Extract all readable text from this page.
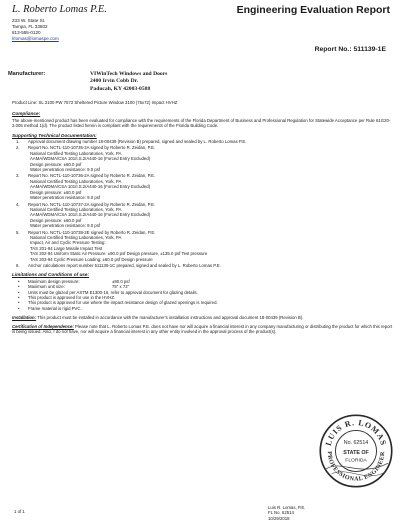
L. Roberto Lomas P.E.	Engineering Evaluation Report
233 W. State St.
Tampa, FL 33602
813-555-0120
lrlomas@lomaspe.com
Report No.: 511139-1E
Manufacturer:	VIWinTech Windows and Doors
2400 Irvin Cobb Dr.
Paducah, KY 42003-0588
Product Line: SL 3100 PW 7572 Sheltered Picture Window 3100 (75x72) Impact HVHZ
Compliance:
The above-mentioned product has been evaluated for compliance with the requirements of the Florida Department of Business and Professional Regulation for Statewide Acceptance per Rule 61G20-3.005 method 1(d). The product listed herein is compliant with the requirements of the Florida Building Code.
Supporting Technical Documentation:
1. Approval document drawing number 18-00439 (Revision B) prepared, signed and sealed by L. Roberto Lomas P.E.
2. Report No. NCTL-110-10735-2A signed by Roberto R. Zeidan, P.E.
National Certified Testing Laboratories, York, PA
AAMA/WDMA/CSA 101/I.S.2/A440-16 (Forced Entry Excluded)
Design pressure: ±60.0 psf
Water penetration resistance: 9.0 psf
3. Report No. NCTL-110-10736-2A signed by Roberto R. Zeidan, P.E.
National Certified Testing Laboratories, York, PA
AAMA/WDMA/CSA 101/I.S.2/A440-16 (Forced Entry Excluded)
Design pressure: ±60.0 psf
Water penetration resistance: 9.0 psf
4. Report No. NCTL-110-10737-2A signed by Roberto R. Zeidan, P.E.
National Certified Testing Laboratories, York, PA
AAMA/WDMA/CSA 101/I.S.2/A440-16 (Forced Entry Excluded)
Design pressure: ±60.0 psf
Water penetration resistance: 9.0 psf
5. Report No. NCTL-110-10738-2E signed by Roberto R. Zeidan, P.E.
National Certified Testing Laboratories, York, PA
Impact, Air and Cyclic Pressure Testing:
TAS 201-94 Large Missile Impact Test
TAS 202-94 Uniform Static Air Pressure: ±90.0 psf Design pressure, ±135.0 psf Test pressure
TAS 203-94 Cyclic Pressure Loading: ±60.0 psf Design pressure
6. Anchor calculations report number 511139-1C prepared, signed and sealed by L. Roberto Lomas P.E.
Limitations and Conditions of use:
• Maximum design pressure:	±90.0 psf
• Maximum unit size:	75" x 72"
• Units must be glazed per ASTM E1300-16, refer to approval document for glazing details.
• This product is approved for use in the HVHZ.
• This product is approved for use where the impact resistance design of glazed openings is required.
• Frame material is rigid PVC.
Installation: This product must be installed in accordance with the manufacturer's installation instructions and approval document 18-00439 (Revision B).
Certification of Independence: Please note that L. Roberto Lomas P.E. does not have nor will acquire a financial interest in any company manufacturing or distributing the product for which this report is being issued. Also, I do not have, nor will acquire a financial interest in any other entity involved in the approval process of the product(s).
LUIS R. LOMAS
PROFESSIONAL ENGINEER
No. 62514
STATE OF
FLORIDA
1 of 1
Luis R. Lomas, P.E.
FL No. 62514
10/29/2018
